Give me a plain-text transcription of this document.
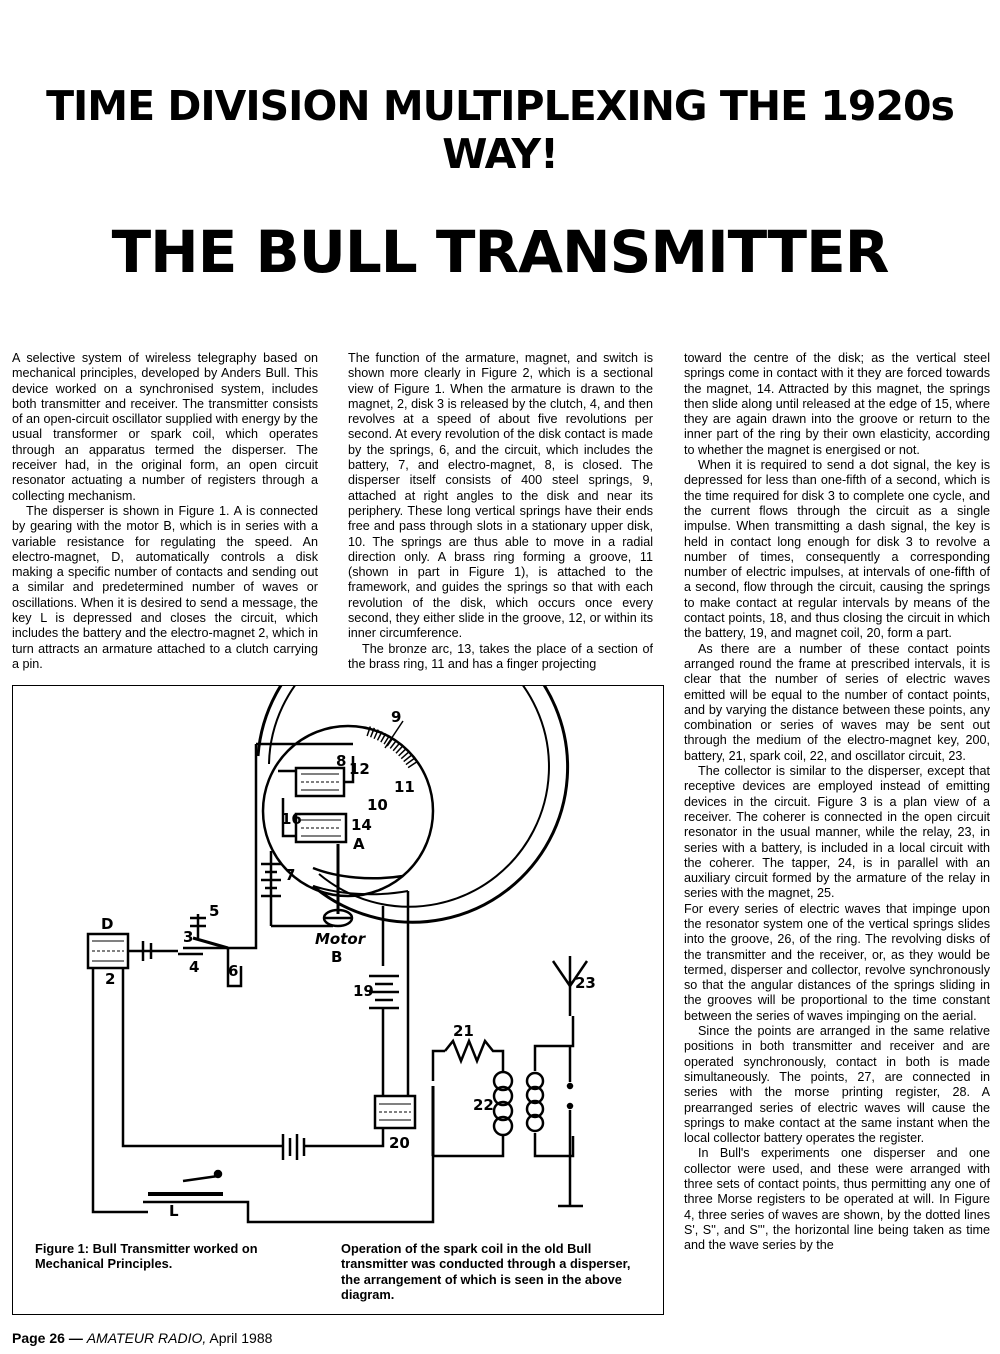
TIME DIVISION MULTIPLEXING THE 1920s WAY!
THE BULL TRANSMITTER

A selective system of wireless telegraphy based on mechanical principles, developed by Anders Bull. This device worked on a synchronised system, includes both transmitter and receiver. The transmitter consists of an open-circuit oscillator supplied with energy by the usual transformer or spark coil, which operates through an apparatus termed the disperser. The receiver had, in the original form, an open circuit resonator actuating a number of registers through a collecting mechanism.

The disperser is shown in Figure 1. A is connected by gearing with the motor B, which is in series with a variable resistance for regulating the speed. An electro-magnet, D, automatically controls a disk making a specific number of contacts and sending out a similar and predetermined number of waves or oscillations. When it is desired to send a message, the key L is depressed and closes the circuit, which includes the battery and the electro-magnet 2, which in turn attracts an armature attached to a clutch carrying a pin.

The function of the armature, magnet, and switch is shown more clearly in Figure 2, which is a sectional view of Figure 1. When the armature is drawn to the magnet, 2, disk 3 is released by the clutch, 4, and then revolves at a speed of about five revolutions per second. At every revolution of the disk contact is made by the springs, 6, and the circuit, which includes the battery, 7, and electro-magnet, 8, is closed. The disperser itself consists of 400 steel springs, 9, attached at right angles to the disk and near its periphery. These long vertical springs have their ends free and pass through slots in a stationary upper disk, 10. The springs are thus able to move in a radial direction only. A brass ring forming a groove, 11 (shown in part in Figure 1), is attached to the framework, and guides the springs so that with each revolution of the disk, which occurs once every second, they either slide in the groove, 12, or within its inner circumference.

The bronze arc, 13, takes the place of a section of the brass ring, 11 and has a finger projecting

toward the centre of the disk; as the vertical steel springs come in contact with it they are forced towards the magnet, 14. Attracted by this magnet, the springs then slide along until released at the edge of 15, where they are again drawn into the groove or return to the inner part of the ring by their own elasticity, according to whether the magnet is energised or not.

When it is required to send a dot signal, the key is depressed for less than one-fifth of a second, which is the time required for disk 3 to complete one cycle, and the current flows through the circuit as a single impulse. When transmitting a dash signal, the key is held in contact long enough for disk 3 to revolve a number of times, consequently a corresponding number of electric impulses, at intervals of one-fifth of a second, flow through the circuit, causing the springs to make contact at regular intervals by means of the contact points, 18, and thus closing the circuit in which the battery, 19, and magnet coil, 20, form a part.

As there are a number of these contact points arranged round the frame at prescribed intervals, it is clear that the number of series of electric waves emitted will be equal to the number of contact points, and by varying the distance between these points, any combination or series of waves may be sent out through the medium of the electro-magnet key, 200, battery, 21, spark coil, 22, and oscillator circuit, 23.

The collector is similar to the disperser, except that receptive devices are employed instead of emitting devices in the circuit. Figure 3 is a plan view of a receiver. The coherer is connected in the open circuit resonator in the usual manner, while the relay, 23, in series with a battery, is included in a local circuit with the coherer. The tapper, 24, is in parallel with an auxiliary circuit formed by the armature of the relay in series with the magnet, 25.

For every series of electric waves that impinge upon the resonator system one of the vertical springs slides into the groove, 26, of the ring. The revolving disks of the transmitter and the receiver, or, as they would be termed, disperser and collector, revolve synchronously so that the angular distances of the springs sliding in the grooves will be proportional to the time constant between the series of waves impinging on the aerial.

Since the points are arranged in the same relative positions in both transmitter and receiver and are operated synchronously, contact in both is made simultaneously. The points, 27, are connected in series with the morse printing register, 28. A prearranged series of electric waves will cause the springs to make contact at the same instant when the local collector battery operates the register.

In Bull's experiments one disperser and one collector were used, and these were arranged with three sets of contact points, thus permitting any one of three Morse registers to be operated at will. In Figure 4, three series of waves are shown, by the dotted lines S', S'', and S''', the horizontal line being taken as time and the wave series by the

9
8 12
11
10
16	14
A
7
5
3
4 6
D
2
Motor
B
19	23
21
22
20
L
Figure 1: Bull Transmitter worked on Mechanical Principles.
Operation of the spark coil in the old Bull transmitter was conducted through a disperser, the arrangement of which is seen in the above diagram.
Page 26 — AMATEUR RADIO, April 1988
